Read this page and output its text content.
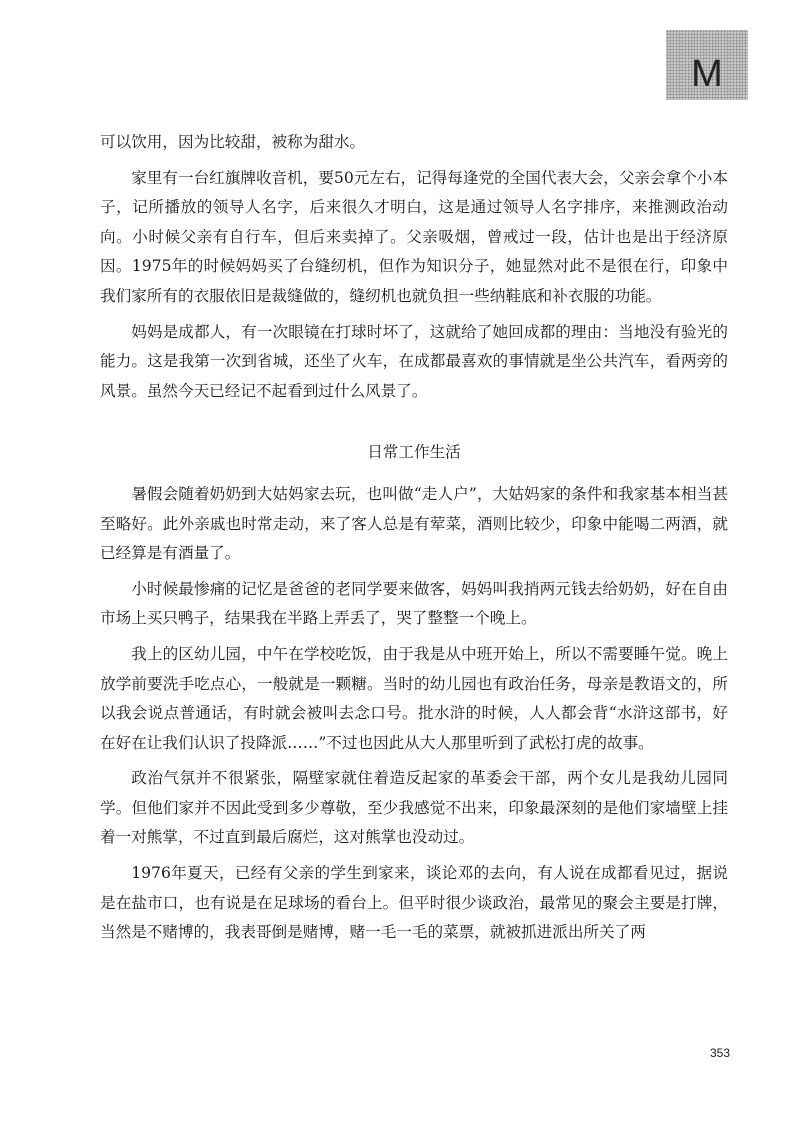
M

可以饮用，因为比较甜，被称为甜水。

家里有一台红旗牌收音机，要50元左右，记得每逢党的全国代表大会，父亲会拿个小本子，记所播放的领导人名字，后来很久才明白，这是通过领导人名字排序，来推测政治动向。小时候父亲有自行车，但后来卖掉了。父亲吸烟，曾戒过一段，估计也是出于经济原因。1975年的时候妈妈买了台缝纫机，但作为知识分子，她显然对此不是很在行，印象中我们家所有的衣服依旧是裁缝做的，缝纫机也就负担一些纳鞋底和补衣服的功能。

妈妈是成都人，有一次眼镜在打球时坏了，这就给了她回成都的理由：当地没有验光的能力。这是我第一次到省城，还坐了火车，在成都最喜欢的事情就是坐公共汽车，看两旁的风景。虽然今天已经记不起看到过什么风景了。

日常工作生活

暑假会随着奶奶到大姑妈家去玩，也叫做“走人户”，大姑妈家的条件和我家基本相当甚至略好。此外亲戚也时常走动，来了客人总是有荤菜，酒则比较少，印象中能喝二两酒，就已经算是有酒量了。

小时候最惨痛的记忆是爸爸的老同学要来做客，妈妈叫我捎两元钱去给奶奶，好在自由市场上买只鸭子，结果我在半路上弄丢了，哭了整整一个晚上。

我上的区幼儿园，中午在学校吃饭，由于我是从中班开始上，所以不需要睡午觉。晚上放学前要洗手吃点心，一般就是一颗糖。当时的幼儿园也有政治任务，母亲是教语文的，所以我会说点普通话，有时就会被叫去念口号。批水浒的时候，人人都会背“水浒这部书，好在好在让我们认识了投降派……”不过也因此从大人那里听到了武松打虎的故事。

政治气氛并不很紧张，隔壁家就住着造反起家的革委会干部，两个女儿是我幼儿园同学。但他们家并不因此受到多少尊敬，至少我感觉不出来，印象最深刻的是他们家墙壁上挂着一对熊掌，不过直到最后腐烂，这对熊掌也没动过。

1976年夏天，已经有父亲的学生到家来，谈论邓的去向，有人说在成都看见过，据说是在盐市口，也有说是在足球场的看台上。但平时很少谈政治，最常见的聚会主要是打牌，当然是不赌博的，我表哥倒是赌博，赌一毛一毛的菜票，就被抓进派出所关了两

353
